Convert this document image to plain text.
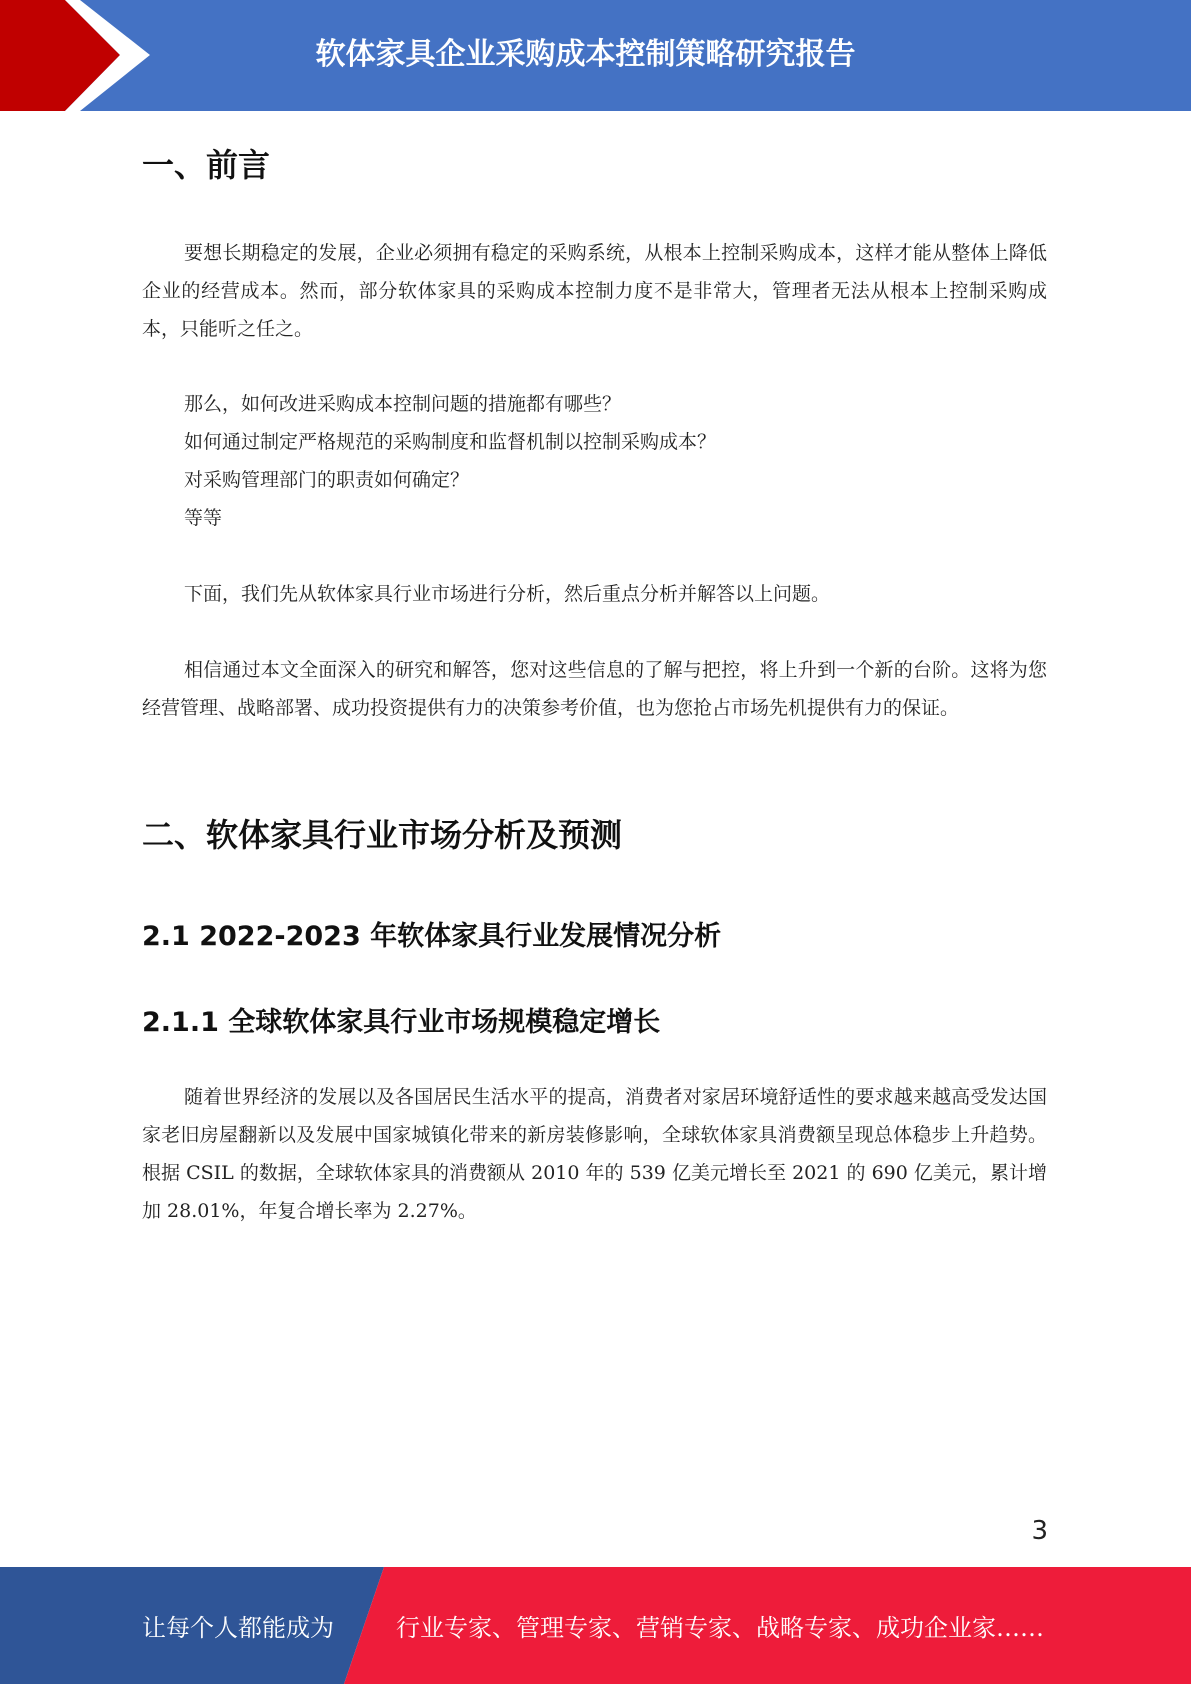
软体家具企业采购成本控制策略研究报告
一、前言

要想长期稳定的发展，企业必须拥有稳定的采购系统，从根本上控制采购成本，这样才能从整体上降低企业的经营成本。然而，部分软体家具的采购成本控制力度不是非常大，管理者无法从根本上控制采购成本，只能听之任之。

那么，如何改进采购成本控制问题的措施都有哪些？

如何通过制定严格规范的采购制度和监督机制以控制采购成本？

对采购管理部门的职责如何确定？

等等

下面，我们先从软体家具行业市场进行分析，然后重点分析并解答以上问题。

相信通过本文全面深入的研究和解答，您对这些信息的了解与把控，将上升到一个新的台阶。这将为您经营管理、战略部署、成功投资提供有力的决策参考价值，也为您抢占市场先机提供有力的保证。

二、软体家具行业市场分析及预测
2.1 2022-2023 年软体家具行业发展情况分析
2.1.1 全球软体家具行业市场规模稳定增长

随着世界经济的发展以及各国居民生活水平的提高，消费者对家居环境舒适性的要求越来越高受发达国家老旧房屋翻新以及发展中国家城镇化带来的新房装修影响，全球软体家具消费额呈现总体稳步上升趋势。根据 CSIL 的数据，全球软体家具的消费额从 2010 年的 539 亿美元增长至 2021 的 690 亿美元，累计增加 28.01%，年复合增长率为 2.27%。

3
让每个人都能成为	行业专家、管理专家、营销专家、战略专家、成功企业家……
